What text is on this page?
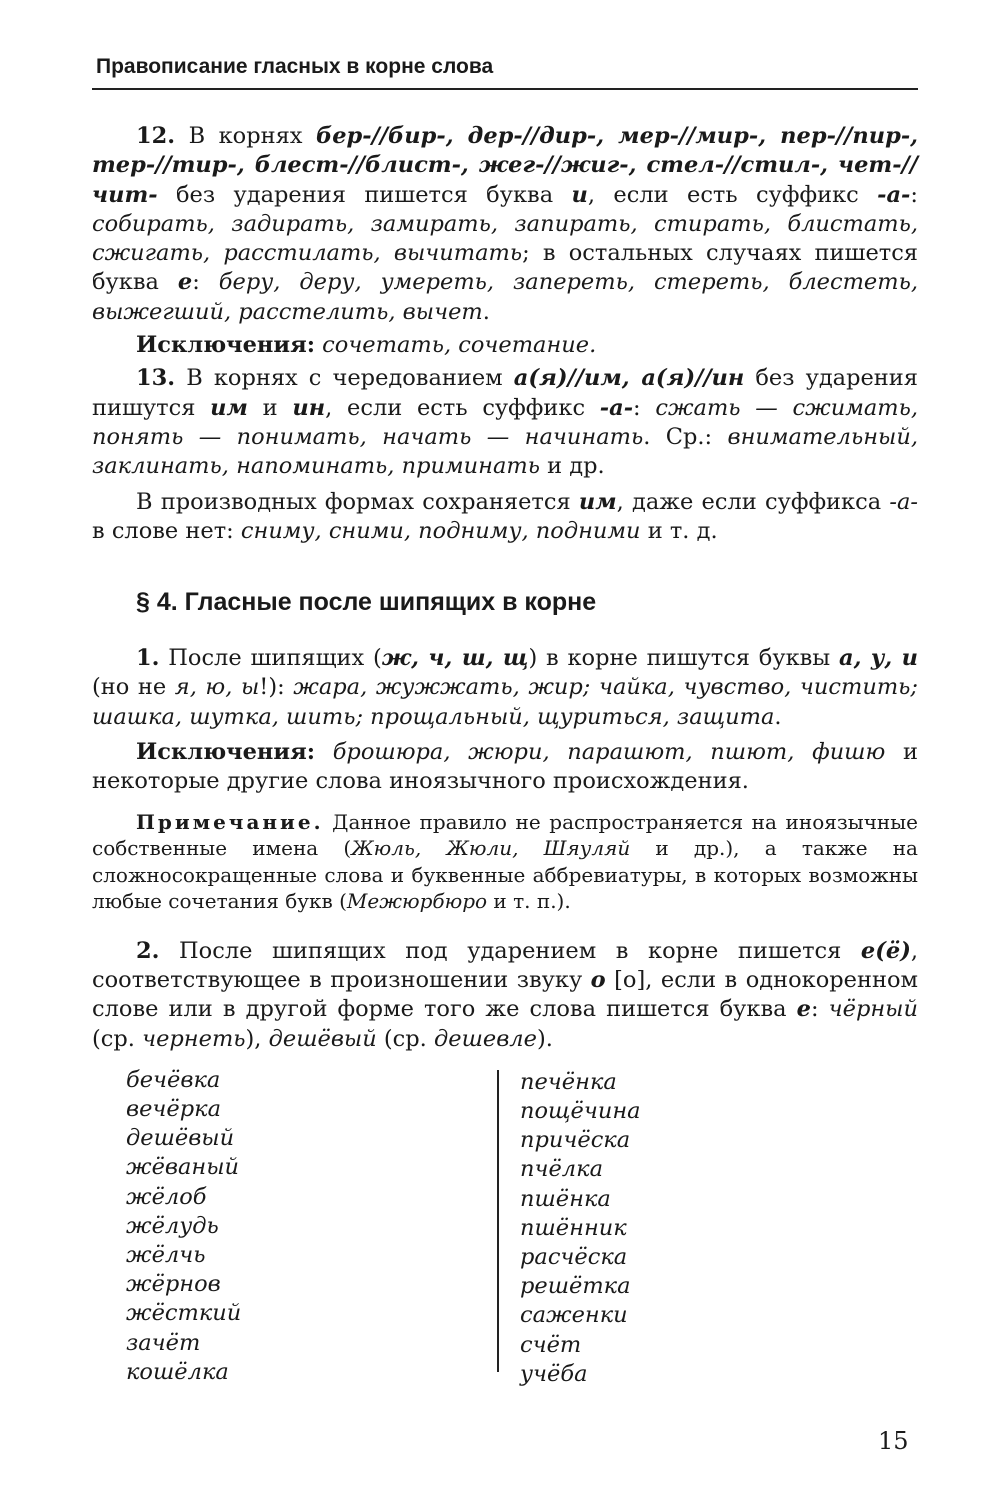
Правописание гласных в корне слова

12. В корнях бер-//бир-, дер-//дир-, мер-//мир-, пер-//пир-, тер-//тир-, блест-//блист-, жег-//жиг-, стел-//стил-, чет-//чит- без ударения пишется буква и, если есть суффикс -а-: собирать, задирать, замирать, запирать, стирать, блистать, сжигать, расстилать, вычитать; в остальных случаях пишется буква е: беру, деру, умереть, запереть, стереть, блестеть, выжегший, расстелить, вычет.

Исключения: сочетать, сочетание.

13. В корнях с чередованием а(я)//им, а(я)//ин без ударения пишутся им и ин, если есть суффикс -а-: сжать — сжимать, понять — понимать, начать — начинать. Ср.: внимательный, заклинать, напоминать, приминать и др.

В производных формах сохраняется им, даже если суффикса -а- в слове нет: сниму, сними, подниму, подними и т. д.

§ 4. Гласные после шипящих в корне

1. После шипящих (ж, ч, ш, щ) в корне пишутся буквы а, у, и (но не я, ю, ы!): жара, жужжать, жир; чайка, чувство, чистить; шашка, шутка, шить; прощальный, щуриться, защита.

Исключения: брошюра, жюри, парашют, пшют, фишю и некоторые другие слова иноязычного происхождения.

Примечание. Данное правило не распространяется на иноязычные собственные имена (Жюль, Жюли, Шяуляй и др.), а также на сложносокращенные слова и буквенные аббревиатуры, в которых возможны любые сочетания букв (Межюрбюро и т. п.).

2. После шипящих под ударением в корне пишется е(ё), соответствующее в произношении звуку о [о], если в однокоренном слове или в другой форме того же слова пишется буква е: чёрный (ср. чернеть), дешёвый (ср. дешевле).

бечёвка
вечёрка
дешёвый
жёваный
жёлоб
жёлудь
жёлчь
жёрнов
жёсткий
зачёт
кошёлка
печёнка
пощёчина
причёска
пчёлка
пшёнка
пшённик
расчёска
решётка
саженки
счёт
учёба
15
